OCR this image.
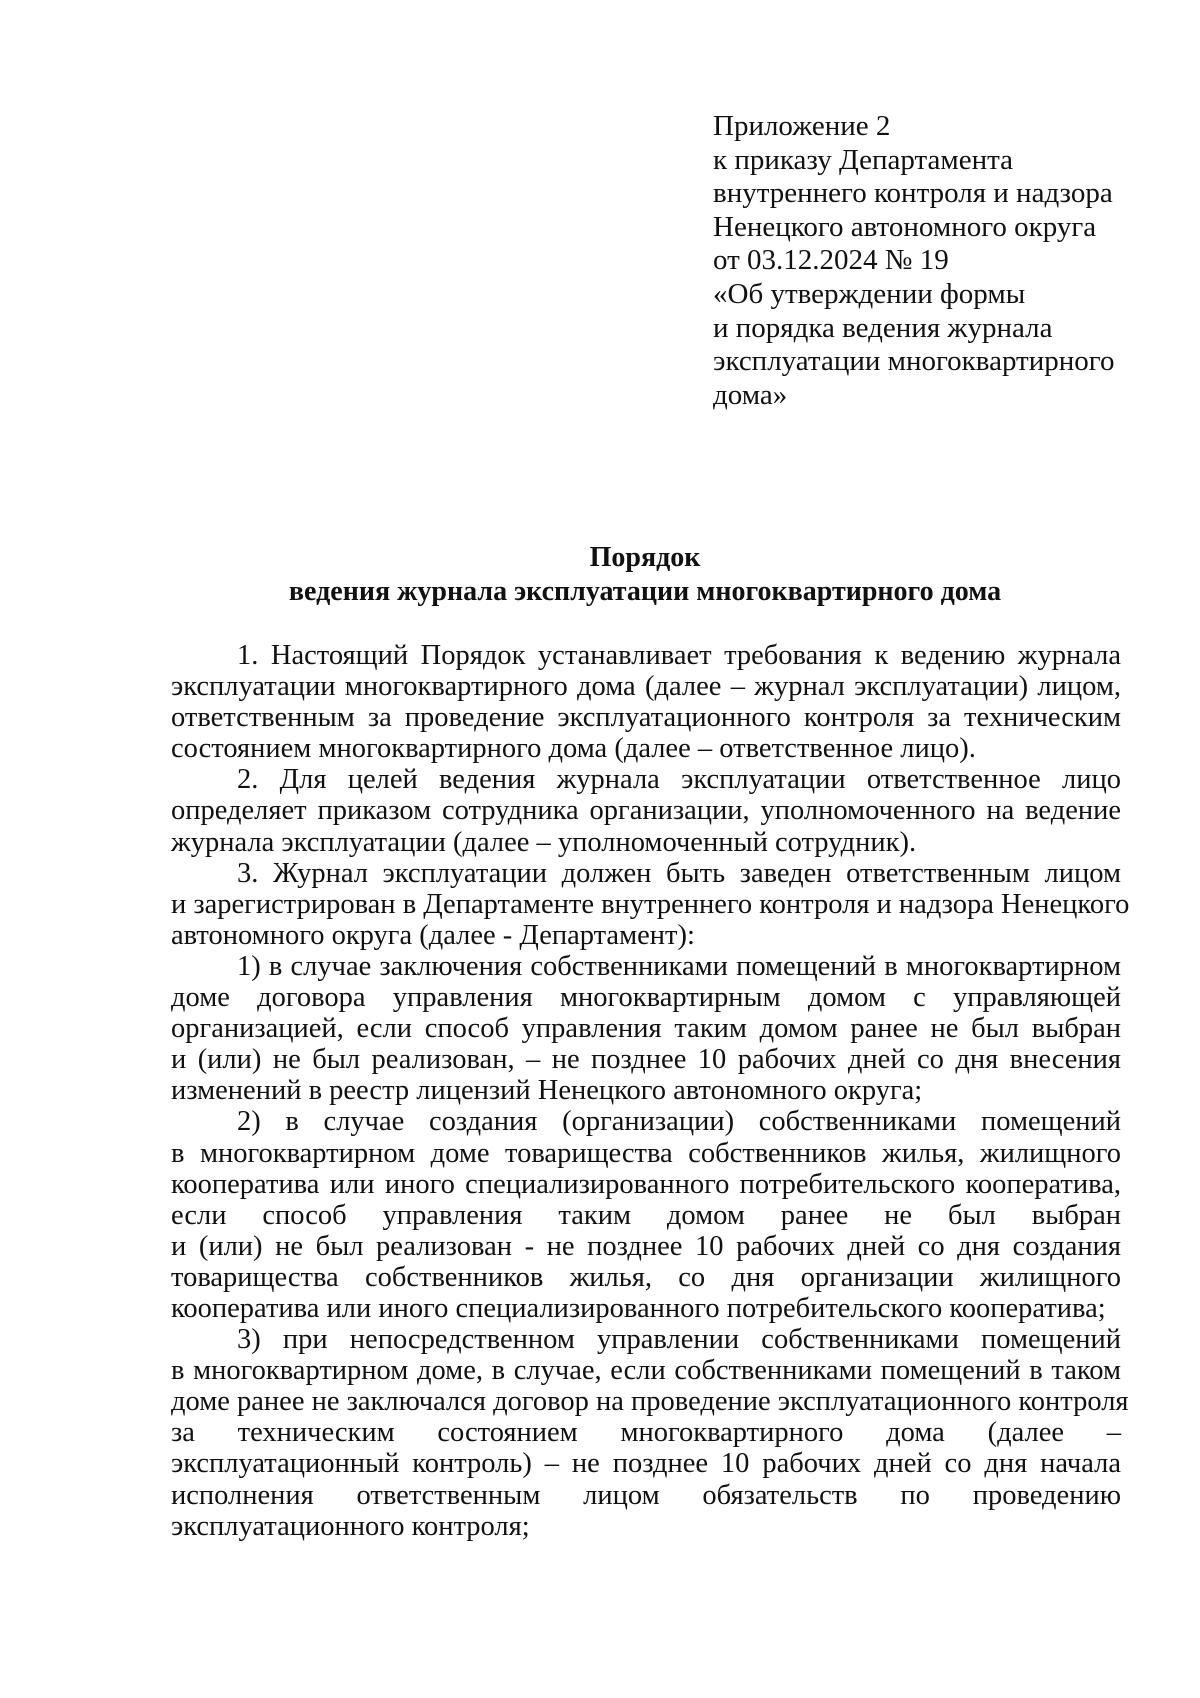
Приложение 2
к приказу Департамента
внутреннего контроля и надзора
Ненецкого автономного округа
от 03.12.2024 № 19
«Об утверждении формы
и порядка ведения журнала
эксплуатации многоквартирного
дома»
Порядок
ведения журнала эксплуатации многоквартирного дома

1. Настоящий Порядок устанавливает требования к ведению журнала
эксплуатации многоквартирного дома (далее – журнал эксплуатации) лицом,
ответственным за проведение эксплуатационного контроля за техническим
состоянием многоквартирного дома (далее – ответственное лицо).

2. Для целей ведения журнала эксплуатации ответственное лицо
определяет приказом сотрудника организации, уполномоченного на ведение
журнала эксплуатации (далее – уполномоченный сотрудник).

3. Журнал эксплуатации должен быть заведен ответственным лицом
и зарегистрирован в Департаменте внутреннего контроля и надзора Ненецкого
автономного округа (далее - Департамент):

1) в случае заключения собственниками помещений в многоквартирном
доме договора управления многоквартирным домом с управляющей
организацией, если способ управления таким домом ранее не был выбран
и (или) не был реализован, – не позднее 10 рабочих дней со дня внесения
изменений в реестр лицензий Ненецкого автономного округа;

2) в случае создания (организации) собственниками помещений
в многоквартирном доме товарищества собственников жилья, жилищного
кооператива или иного специализированного потребительского кооператива,
если способ управления таким домом ранее не был выбран
и (или) не был реализован - не позднее 10 рабочих дней со дня создания
товарищества собственников жилья, со дня организации жилищного
кооператива или иного специализированного потребительского кооператива;

3) при непосредственном управлении собственниками помещений
в многоквартирном доме, в случае, если собственниками помещений в таком
доме ранее не заключался договор на проведение эксплуатационного контроля
за техническим состоянием многоквартирного дома (далее –
эксплуатационный контроль) – не позднее 10 рабочих дней со дня начала
исполнения ответственным лицом обязательств по проведению
эксплуатационного контроля;
